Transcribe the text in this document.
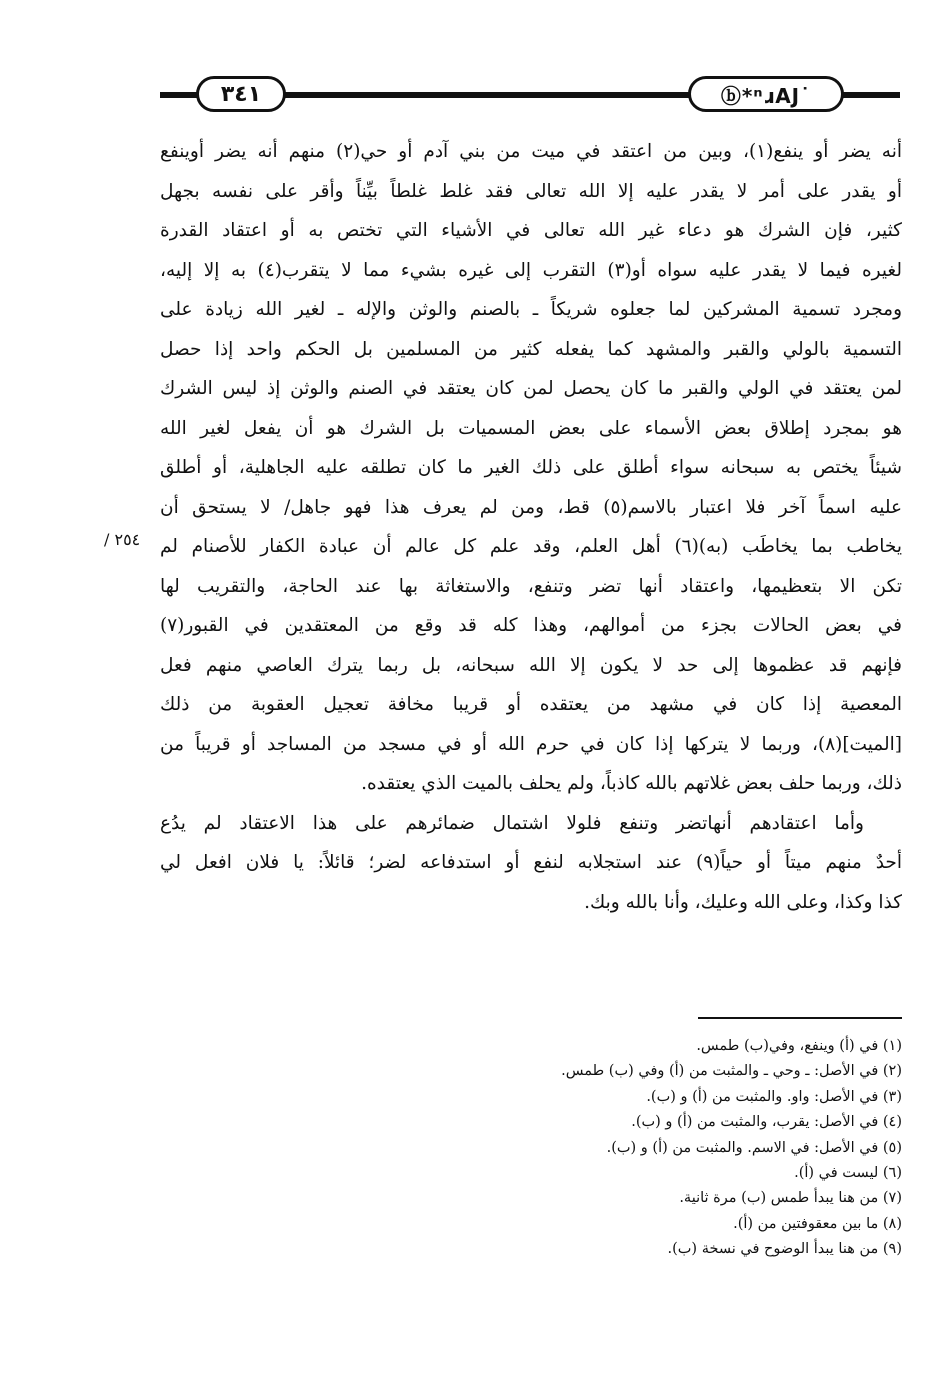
٣٤١	ⓑ*ⁿɹAJ˙
٢٥٤ /
أنه يضر أو ينفع(١)، وبين من اعتقد في ميت من بني آدم أو حي(٢) منهم أنه يضر أوينفع
أو يقدر على أمر لا يقدر عليه إلا الله تعالى فقد غلط غلطاً بيِّناً وأقر على نفسه بجهل
كثير، فإن الشرك هو دعاء غير الله تعالى في الأشياء التي تختص به أو اعتقاد القدرة
لغيره فيما لا يقدر عليه سواه أو(٣) التقرب إلى غيره بشيء مما لا يتقرب(٤) به إلا إليه،
ومجرد تسمية المشركين لما جعلوه شريكاً ـ بالصنم والوثن والإله ـ لغير الله زيادة على
التسمية بالولي والقبر والمشهد كما يفعله كثير من المسلمين بل الحكم واحد إذا حصل
لمن يعتقد في الولي والقبر ما كان يحصل لمن كان يعتقد في الصنم والوثن إذ ليس الشرك
هو بمجرد إطلاق بعض الأسماء على بعض المسميات بل الشرك هو أن يفعل لغير الله
شيئاً يختص به سبحانه سواء أطلق على ذلك الغير ما كان تطلقه عليه الجاهلية، أو أطلق
عليه اسماً آخر فلا اعتبار بالاسم(٥) قط، ومن لم يعرف هذا فهو جاهل/ لا يستحق أن
يخاطب بما يخاطَب (به)(٦) أهل العلم، وقد علم كل عالم أن عبادة الكفار للأصنام لم
تكن الا بتعظيمها، واعتقاد أنها تضر وتنفع، والاستغاثة بها عند الحاجة، والتقريب لها
في بعض الحالات بجزء من أموالهم، وهذا كله قد وقع من المعتقدين في القبور(٧)
فإنهم قد عظموها إلى حد لا يكون إلا الله سبحانه، بل ربما يترك العاصي منهم فعل
المعصية إذا كان في مشهد من يعتقده أو قريبا مخافة تعجيل العقوبة من ذلك
[الميت](٨)، وربما لا يتركها إذا كان في حرم الله أو في مسجد من المساجد أو قريباً من
ذلك، وربما حلف بعض غلاتهم بالله كاذباً، ولم يحلف بالميت الذي يعتقده.
وأما اعتقادهم أنهاتضر وتنفع فلولا اشتمال ضمائرهم على هذا الاعتقاد لم يدُع
أحدٌ منهم ميتاً أو حياً(٩) عند استجلابه لنفع أو استدفاعه لضر؛ قائلاً: يا فلان افعل لي
كذا وكذا، وعلى الله وعليك، وأنا بالله وبك.
(١) في (أ) وينفع، وفي(ب) طمس.
(٢) في الأصل: ـ وحي ـ والمثبت من (أ) وفي (ب) طمس.
(٣) في الأصل: واو. والمثبت من (أ) و (ب).
(٤) في الأصل: يقرب، والمثبت من (أ) و (ب).
(٥) في الأصل: في الاسم. والمثبت من (أ) و (ب).
(٦) ليست في (أ).
(٧) من هنا يبدأ طمس (ب) مرة ثانية.
(٨) ما بين معقوفتين من (أ).
(٩) من هنا يبدأ الوضوح في نسخة (ب).
